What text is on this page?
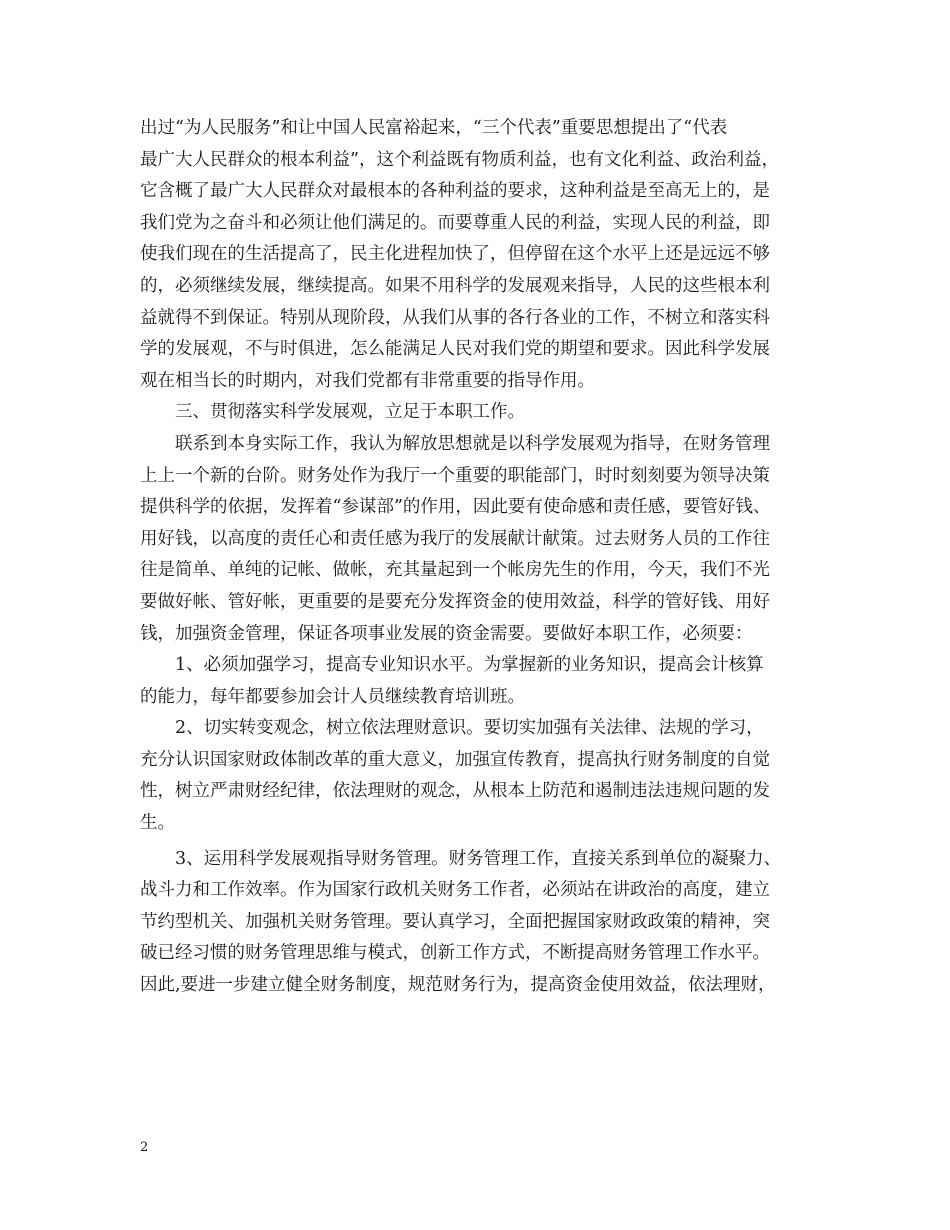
出过“为人民服务”和让中国人民富裕起来，“三个代表”重要思想提出了“代表
最广大人民群众的根本利益”，这个利益既有物质利益，也有文化利益、政治利益，
它含概了最广大人民群众对最根本的各种利益的要求，这种利益是至高无上的，是
我们党为之奋斗和必须让他们满足的。而要尊重人民的利益，实现人民的利益，即
使我们现在的生活提高了，民主化进程加快了，但停留在这个水平上还是远远不够
的，必须继续发展，继续提高。如果不用科学的发展观来指导，人民的这些根本利
益就得不到保证。特别从现阶段，从我们从事的各行各业的工作，不树立和落实科
学的发展观，不与时俱进，怎么能满足人民对我们党的期望和要求。因此科学发展
观在相当长的时期内，对我们党都有非常重要的指导作用。
三、贯彻落实科学发展观，立足于本职工作。
联系到本身实际工作，我认为解放思想就是以科学发展观为指导，在财务管理
上上一个新的台阶。财务处作为我厅一个重要的职能部门，时时刻刻要为领导决策
提供科学的依据，发挥着“参谋部”的作用，因此要有使命感和责任感，要管好钱、
用好钱，以高度的责任心和责任感为我厅的发展献计献策。过去财务人员的工作往
往是简单、单纯的记帐、做帐，充其量起到一个帐房先生的作用，今天，我们不光
要做好帐、管好帐，更重要的是要充分发挥资金的使用效益，科学的管好钱、用好
钱，加强资金管理，保证各项事业发展的资金需要。要做好本职工作，必须要：
1、必须加强学习，提高专业知识水平。为掌握新的业务知识，提高会计核算
的能力，每年都要参加会计人员继续教育培训班。
2、切实转变观念，树立依法理财意识。要切实加强有关法律、法规的学习，
充分认识国家财政体制改革的重大意义，加强宣传教育，提高执行财务制度的自觉
性，树立严肃财经纪律，依法理财的观念，从根本上防范和遏制违法违规问题的发
生。
3、运用科学发展观指导财务管理。财务管理工作，直接关系到单位的凝聚力、
战斗力和工作效率。作为国家行政机关财务工作者，必须站在讲政治的高度，建立
节约型机关、加强机关财务管理。要认真学习，全面把握国家财政政策的精神，突
破已经习惯的财务管理思维与模式，创新工作方式，不断提高财务管理工作水平。
因此,要进一步建立健全财务制度，规范财务行为，提高资金使用效益，依法理财，
2
